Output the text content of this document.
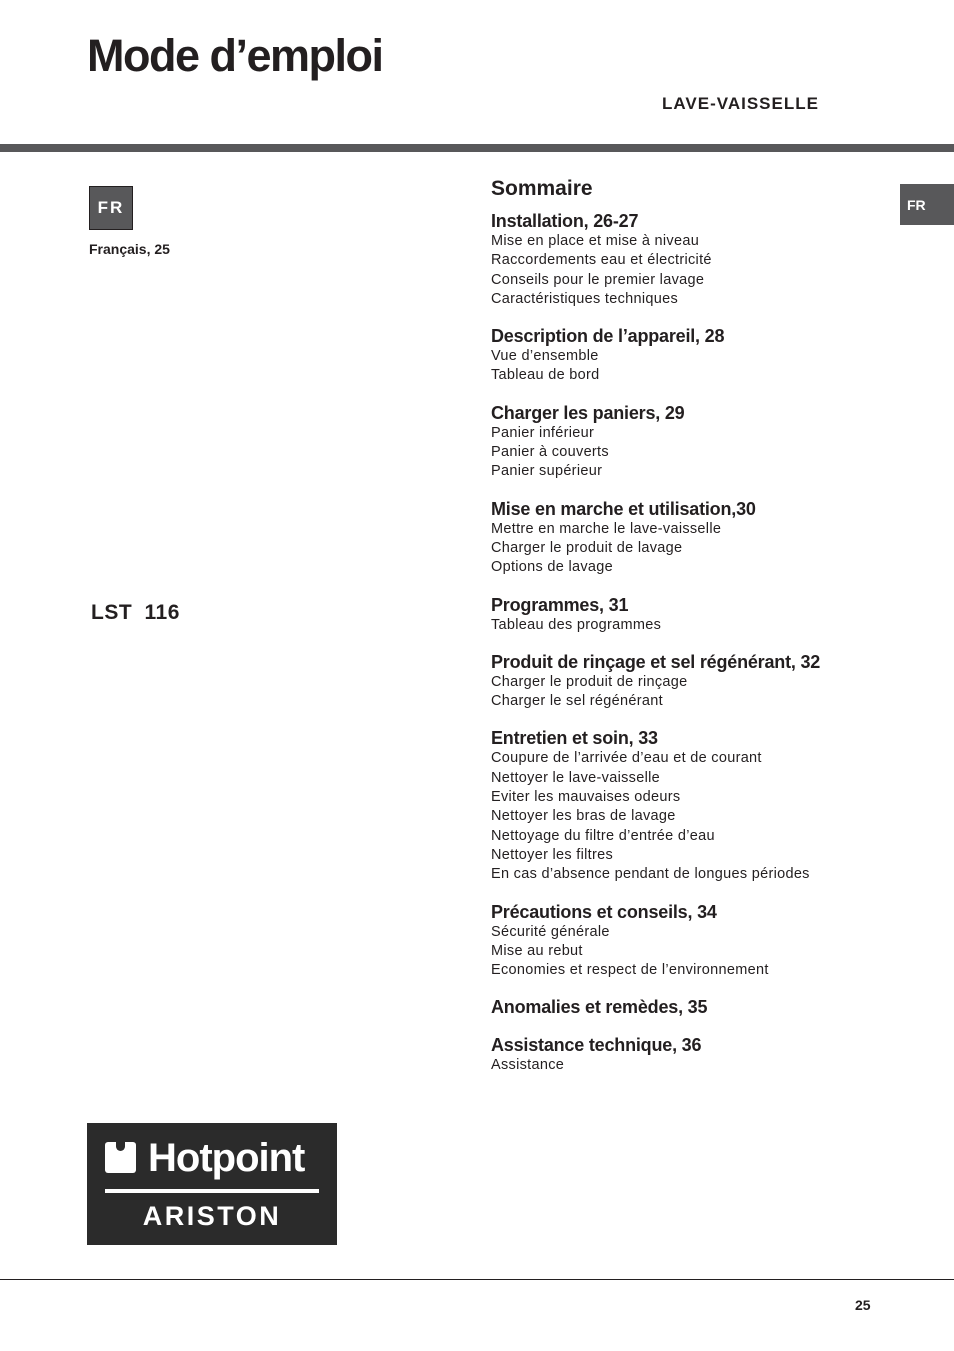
Mode d’emploi
LAVE-VAISSELLE
FR
Français, 25
LST 116
FR
Sommaire
Installation, 26-27
Mise en place et mise à niveau
Raccordements eau et électricité
Conseils pour le premier lavage
Caractéristiques techniques
Description de l’appareil, 28
Vue d’ensemble
Tableau de bord
Charger les paniers, 29
Panier inférieur
Panier à couverts
Panier supérieur
Mise en marche et utilisation,30
Mettre en marche le lave-vaisselle
Charger le produit de lavage
Options de lavage
Programmes, 31
Tableau des programmes
Produit de rinçage et sel régénérant, 32
Charger le produit de rinçage
Charger le sel régénérant
Entretien et soin, 33
Coupure de l’arrivée d’eau et de courant
Nettoyer le lave-vaisselle
Eviter les mauvaises odeurs
Nettoyer les bras de lavage
Nettoyage du filtre d’entrée d’eau
Nettoyer les filtres
En cas d’absence pendant de longues périodes
Précautions et conseils, 34
Sécurité générale
Mise au rebut
Economies et respect de l’environnement
Anomalies et remèdes, 35
Assistance technique, 36
Assistance
Hotpoint
ARISTON
25
